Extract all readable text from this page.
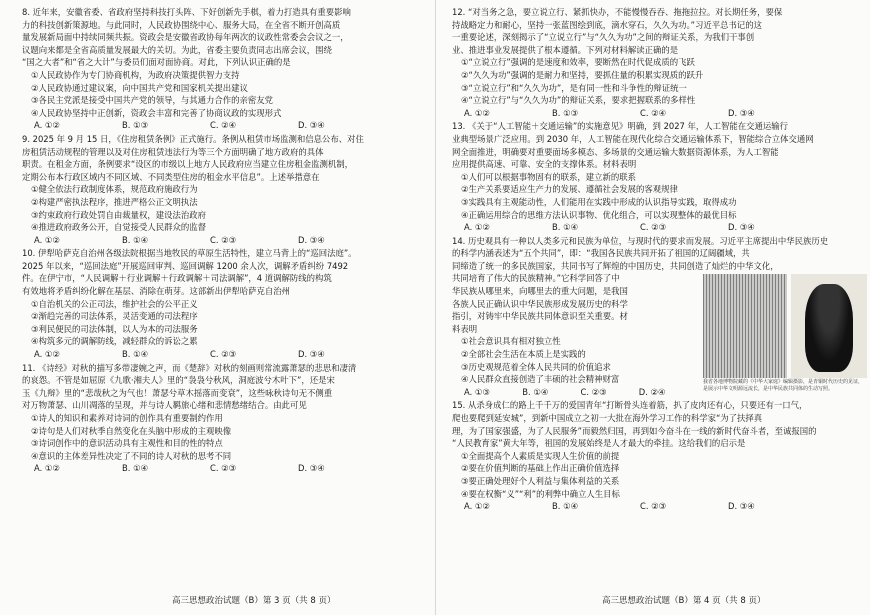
8. 近年来，安徽省委、省政府坚持科技打头阵、下好创新先手棋，着力打造具有重要影响
力的科技创新策源地。与此同时，人民政协围绕中心、服务大局，在全省不断开创高质
量发展新局面中持续同频共振。资政会是安徽省政协每年两次的议政性常委会会议之一，
议题向来都是全省高质量发展最大的关切。为此，省委主要负责同志出席会议，围绕
“国之大者”和“省之大计”与委员们面对面协商。对此，下列认识正确的是
①人民政协作为专门协商机构，为政府决策提供智力支持
②人民政协通过建议案，向中国共产党和国家机关提出建议
③各民主党派是接受中国共产党的领导，与其通力合作的亲密友党
④人民政协坚持中正创新，资政会丰富和完善了协商议政的实现形式
A. ①②	B. ①③	C. ②④	D. ③④
9. 2025 年 9 月 15 日，《住房租赁条例》正式施行。条例从租赁市场监测和信息公布、对住
房租赁活动规程的管理以及对住房租赁违法行为等三个方面明确了地方政府的具体
职责。在租金方面，条例要求“设区的市级以上地方人民政府应当建立住房租金监测机制，
定期公布本行政区域内不同区域、不同类型住房的租金水平信息”。上述举措意在
①健全依法行政制度体系，规范政府施政行为
②构建严密执法程序，推进严格公正文明执法
③约束政府行政处罚自由裁量权，建设法治政府
④推进政府政务公开，自觉接受人民群众的监督
A. ①②	B. ①④	C. ②③	D. ③④
10. 伊犁哈萨克自治州各级法院根据当地牧民的草原生活特性，建立马背上的“巡回法庭”。
2025 年以来，“巡回法庭”开展巡回审判、巡回调解 1200 余人次，调解矛盾纠纷 7492
件。在伊宁市，“人民调解＋行业调解＋行政调解＋司法调解”，4 道调解防线的构筑
有效地将矛盾纠纷化解在基层、消除在萌芽。这部新出伊犁哈萨克自治州
①自治机关的公正司法，维护社会的公平正义
②渐趋完善的司法体系，灵活变通的司法程序
③利民便民的司法体制，以人为本的司法服务
④构筑多元的调解防线，减轻群众的诉讼之累
A. ①②	B. ①④	C. ②③	D. ③④
11. 《诗经》对秋的描写多带凄婉之声，而《楚辞》对秋的刻画则常流露萧瑟的悲思和凄清
的哀怨。不管是如屈原《九歌·湘夫人》里的“袅袅兮秋风，洞庭波兮木叶下”，还是宋
玉《九辩》里的“悲哉秋之为气也！萧瑟兮草木摇落而变衰”，这些咏秋诗句无不侧重
对万物萧瑟、山川凋落的呈现，并与诗人羁旅心绪和悲情愁绪结合。由此可见
①诗人的知识和素养对诗词的创作具有重要制约作用
②诗句是人们对秋季自然变化在头脑中形成的主观映像
③诗词创作中的意识活动具有主观性和目的性的特点
④意识的主体差异性决定了不同的诗人对秋的思考不同
A. ①②	B. ①④	C. ②③	D. ③④
12. “对当务之急，要立说立行、紧抓快办，不能慢慢吞吞、拖拖拉拉。对长期任务，要保
持战略定力和耐心，坚持一张蓝图绘到底，滴水穿石，久久为功。”习近平总书记的这
一重要论述，深刻揭示了“立说立行”与“久久为功”之间的辩证关系，为我们干事创
业、推进事业发展提供了根本遵循。下列对材料解读正确的是
①“立说立行”强调的是速度和效率，要断然在时代促成质的飞跃
②“久久为功”强调的是耐力和坚持，要抓住量的积累实现质的跃升
③“立说立行”和“久久为功”，是有同一性和斗争性的辩证统一
④“立说立行”与“久久为功”的辩证关系，要求把握联系的多样性
A. ①②	B. ①③	C. ②④	D. ③④
13. 《关于“人工智能＋交通运输”的实施意见》明确，到 2027 年，人工智能在交通运输行
业典型场景广泛应用。到 2030 年，人工智能在现代化综合交通运输体系下，智能综合立体交通网
网全面推进，明确要对重要面场多模态、多场景的交通运输大数据资源体系，为人工智能
应用提供高速、可靠、安全的支撑体系。材料表明
①人们可以根据事物固有的联系，建立新的联系
②生产关系要适应生产力的发展、遵循社会发展的客观规律
③实践具有主观能动性，人们能用在实践中形成的认识指导实践，取得成功
④正确运用综合的思维方法认识事物、优化组合，可以实现整体的最优目标
A. ①②	B. ①④	C. ②③	D. ③④
14. 历史观具有一种以人类多元和民族为单位，与现时代的要求而发展。习近平主席提出中华民族历史
的科学内涵表述为“五个共同”，即：“我国各民族共同开拓了祖国的辽阔疆域，共
同缔造了统一的多民族国家，共同书写了辉煌的中国历史，共同创造了灿烂的中华文化，
我省各地博物院藏的《中华大家庭》编辑摄影，是青铜时代历史的见证，是展示中华文明源远流长，是中华民族共同体的生动写照。
共同培育了伟大的民族精神。”它科学回答了中
华民族从哪里来，向哪里去的重大问题，是我国
各族人民正确认识中华民族形成发展历史的科学
指引，对铸牢中华民族共同体意识至关重要。材
料表明
①社会意识具有相对独立性
②全部社会生活在本质上是实践的
③历史观规范着全体人民共同的价值追求
④人民群众直接创造了丰硕的社会精神财富
A. ①③	B. ①④	C. ②③	D. ②④
15. 从杀身成仁的路上千千万的爱国青年“打断骨头连着筋，扒了皮肉还有心，只要还有一口气，
爬也要爬到延安城”，到新中国成立之初一大批在海外学习工作的科学家“为了扶择真
理，为了国家强盛，为了人民服务”而毅然归国，再到如今奋斗在一线的新时代奋斗者，至诚报国的
“人民教育家”黄大年等，祖国的发展始终是人才最大的牵挂。这给我们的启示是
①全面提高个人素质是实现人生价值的前提
②要在价值判断的基础上作出正确价值选择
③要正确处理好个人利益与集体利益的关系
④要在权衡“义”“利”的利弊中确立人生目标
A. ①②	B. ①④	C. ②③	D. ③④
高三思想政治试题（B）第 3 页（共 8 页）	高三思想政治试题（B）第 4 页（共 8 页）
